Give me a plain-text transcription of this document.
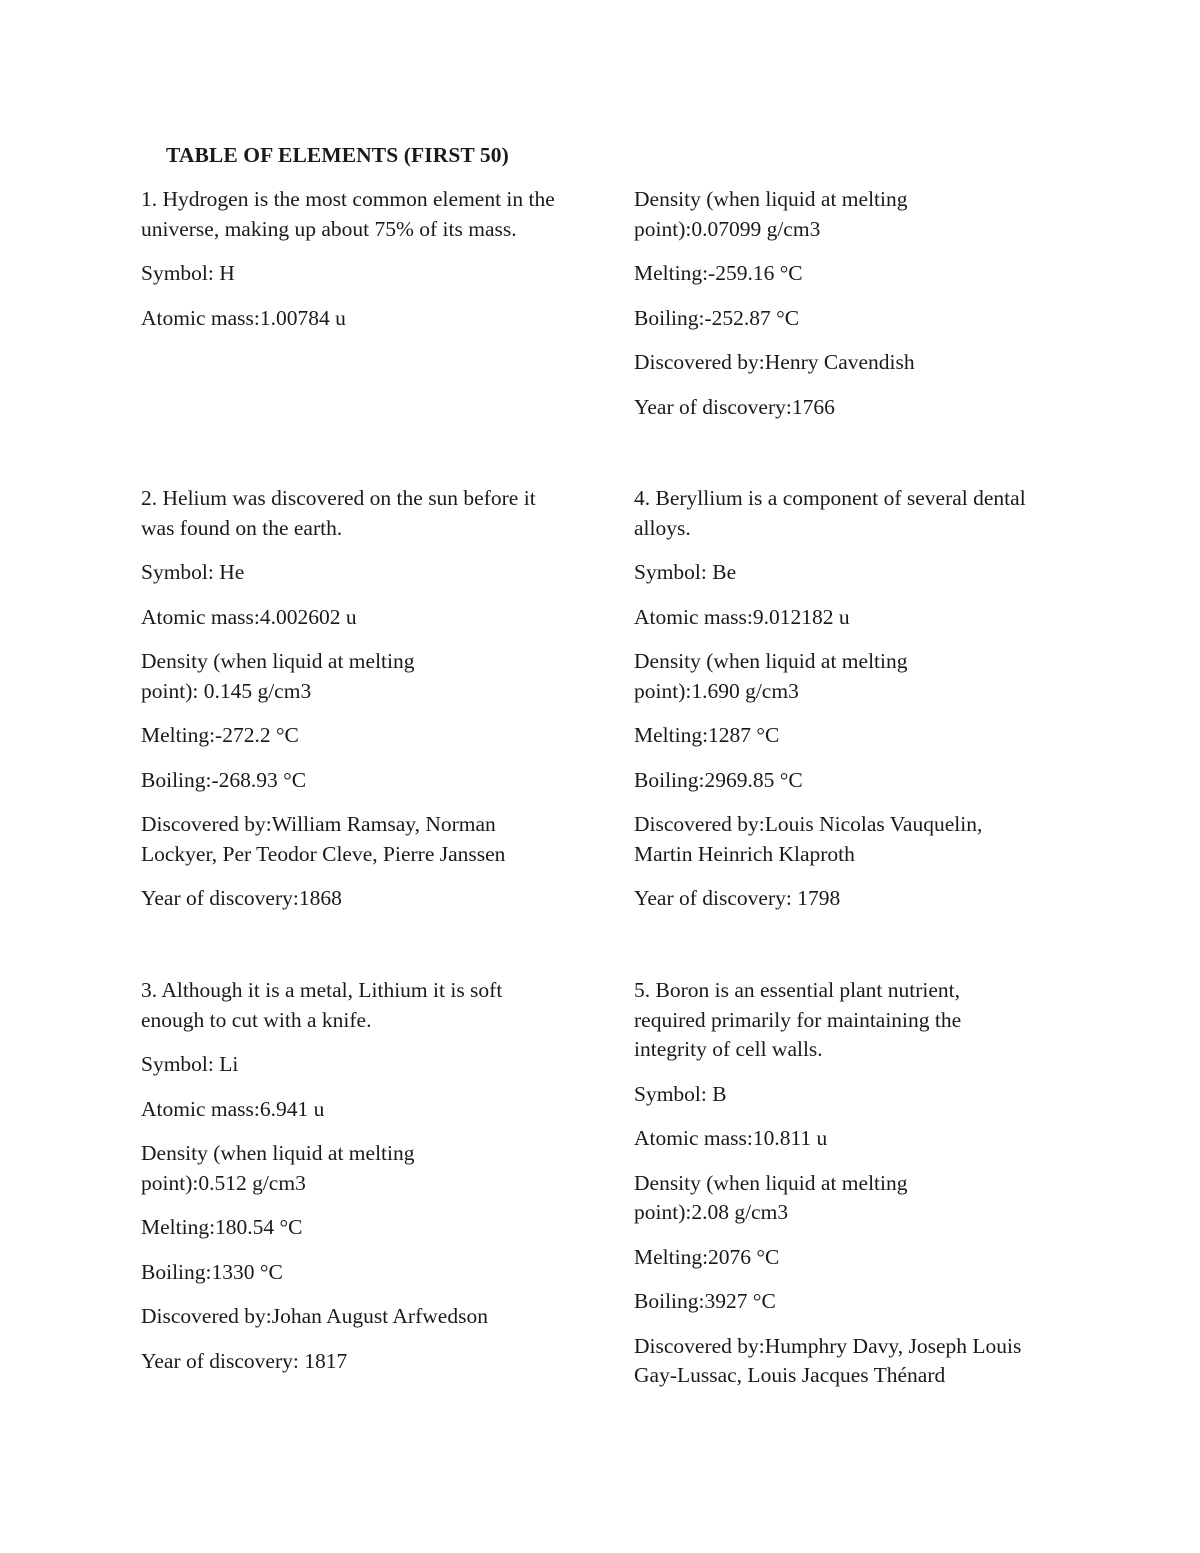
TABLE OF ELEMENTS (FIRST 50)

1. Hydrogen is the most common element in the universe, making up about 75% of its mass.

Symbol: H

Atomic mass:1.00784 u

Density (when liquid at melting
point):0.07099 g/cm3

Melting:-259.16 °C

Boiling:-252.87 °C

Discovered by:Henry Cavendish

Year of discovery:1766

2. Helium was discovered on the sun before it was found on the earth.

Symbol: He

Atomic mass:4.002602 u

Density (when liquid at melting
point): 0.145 g/cm3

Melting:-272.2 °C

Boiling:-268.93 °C

Discovered by:William Ramsay, Norman Lockyer, Per Teodor Cleve, Pierre Janssen

Year of discovery:1868

4. Beryllium is a component of several dental alloys.

Symbol: Be

Atomic mass:9.012182 u

Density (when liquid at melting
point):1.690 g/cm3

Melting:1287 °C

Boiling:2969.85 °C

Discovered by:Louis Nicolas Vauquelin, Martin Heinrich Klaproth

Year of discovery: 1798

3. Although it is a metal, Lithium it is soft enough to cut with a knife.

Symbol: Li

Atomic mass:6.941 u

Density (when liquid at melting
point):0.512 g/cm3

Melting:180.54 °C

Boiling:1330 °C

Discovered by:Johan August Arfwedson

Year of discovery: 1817

5. Boron is an essential plant nutrient, required primarily for maintaining the integrity of cell walls.

Symbol: B

Atomic mass:10.811 u

Density (when liquid at melting
point):2.08 g/cm3

Melting:2076 °C

Boiling:3927 °C

Discovered by:Humphry Davy, Joseph Louis Gay-Lussac, Louis Jacques Thénard
